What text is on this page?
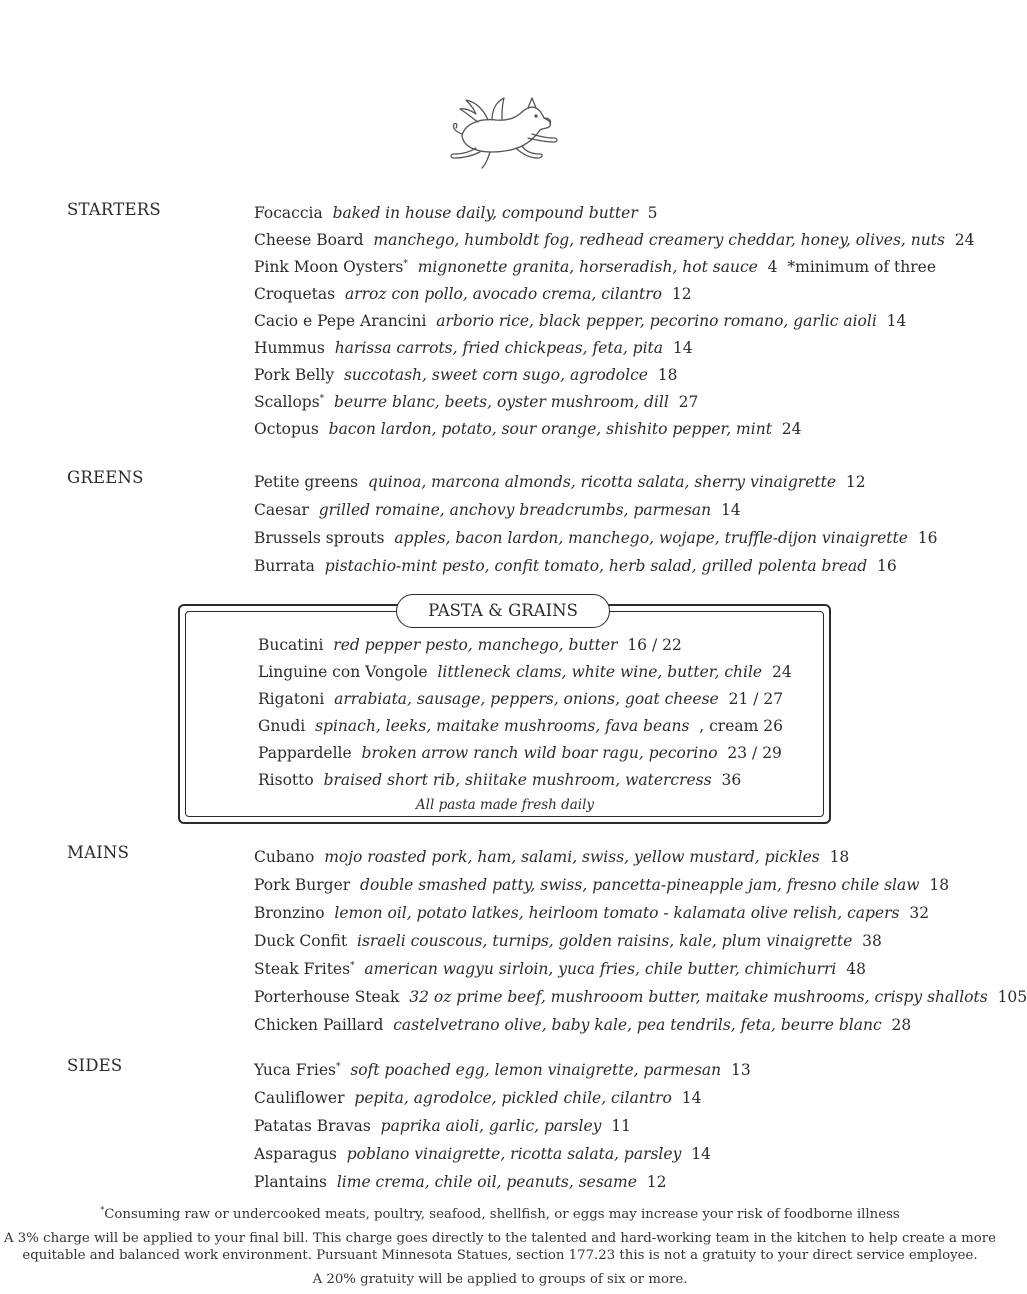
STARTERS	Focaccia baked in house daily, compound butter 5
Cheese Board manchego, humboldt fog, redhead creamery cheddar, honey, olives, nuts 24
Pink Moon Oysters* mignonette granita, horseradish, hot sauce 4 *minimum of three
Croquetas arroz con pollo, avocado crema, cilantro 12
Cacio e Pepe Arancini arborio rice, black pepper, pecorino romano, garlic aioli 14
Hummus harissa carrots, fried chickpeas, feta, pita 14
Pork Belly succotash, sweet corn sugo, agrodolce 18
Scallops* beurre blanc, beets, oyster mushroom, dill 27
Octopus bacon lardon, potato, sour orange, shishito pepper, mint 24
GREENS	Petite greens quinoa, marcona almonds, ricotta salata, sherry vinaigrette 12
Caesar grilled romaine, anchovy breadcrumbs, parmesan 14
Brussels sprouts apples, bacon lardon, manchego, wojape, truffle-dijon vinaigrette 16
Burrata pistachio-mint pesto, confit tomato, herb salad, grilled polenta bread 16
PASTA & GRAINS
Bucatini red pepper pesto, manchego, butter 16 / 22
Linguine con Vongole littleneck clams, white wine, butter, chile 24
Rigatoni arrabiata, sausage, peppers, onions, goat cheese 21 / 27
Gnudi spinach, leeks, maitake mushrooms, fava beans , cream 26
Pappardelle broken arrow ranch wild boar ragu, pecorino 23 / 29
Risotto braised short rib, shiitake mushroom, watercress 36
All pasta made fresh daily
MAINS	Cubano mojo roasted pork, ham, salami, swiss, yellow mustard, pickles 18
Pork Burger double smashed patty, swiss, pancetta-pineapple jam, fresno chile slaw 18
Bronzino lemon oil, potato latkes, heirloom tomato - kalamata olive relish, capers 32
Duck Confit israeli couscous, turnips, golden raisins, kale, plum vinaigrette 38
Steak Frites* american wagyu sirloin, yuca fries, chile butter, chimichurri 48
Porterhouse Steak 32 oz prime beef, mushrooom butter, maitake mushrooms, crispy shallots 105
Chicken Paillard castelvetrano olive, baby kale, pea tendrils, feta, beurre blanc 28
SIDES	Yuca Fries* soft poached egg, lemon vinaigrette, parmesan 13
Cauliflower pepita, agrodolce, pickled chile, cilantro 14
Patatas Bravas paprika aioli, garlic, parsley 11
Asparagus poblano vinaigrette, ricotta salata, parsley 14
Plantains lime crema, chile oil, peanuts, sesame 12
*Consuming raw or undercooked meats, poultry, seafood, shellfish, or eggs may increase your risk of foodborne illness
A 3% charge will be applied to your final bill. This charge goes directly to the talented and hard-working team in the kitchen to help create a more
equitable and balanced work environment. Pursuant Minnesota Statues, section 177.23 this is not a gratuity to your direct service employee.
A 20% gratuity will be applied to groups of six or more.
